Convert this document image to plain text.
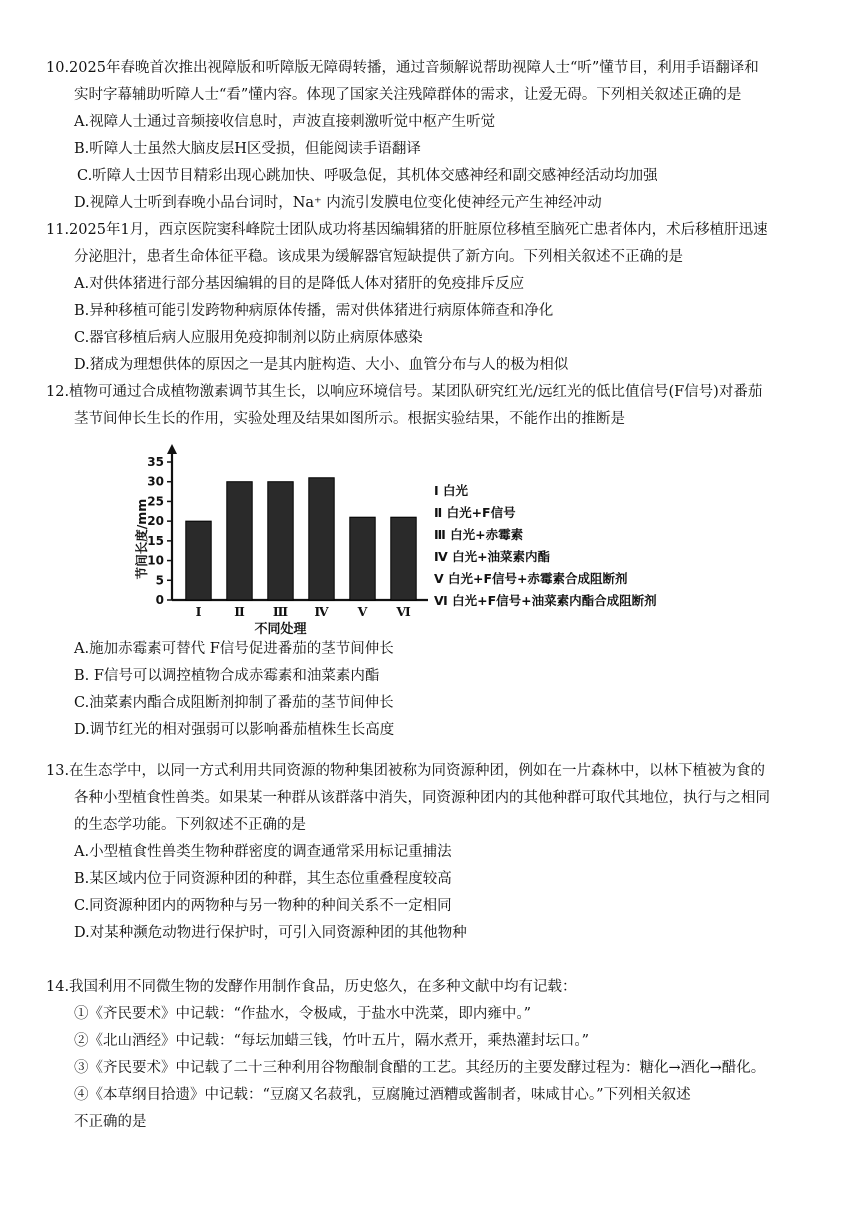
10.2025年春晚首次推出视障版和听障版无障碍转播，通过音频解说帮助视障人士“听”懂节目，利用手语翻译和
实时字幕辅助听障人士“看”懂内容。体现了国家关注残障群体的需求，让爱无碍。下列相关叙述正确的是
A.视障人士通过音频接收信息时，声波直接刺激听觉中枢产生听觉
B.听障人士虽然大脑皮层H区受损，但能阅读手语翻译
C.听障人士因节目精彩出现心跳加快、呼吸急促，其机体交感神经和副交感神经活动均加强
D.视障人士听到春晚小品台词时，Na⁺ 内流引发膜电位变化使神经元产生神经冲动
11.2025年1月，西京医院窦科峰院士团队成功将基因编辑猪的肝脏原位移植至脑死亡患者体内，术后移植肝迅速
分泌胆汁，患者生命体征平稳。该成果为缓解器官短缺提供了新方向。下列相关叙述不正确的是
A.对供体猪进行部分基因编辑的目的是降低人体对猪肝的免疫排斥反应
B.异种移植可能引发跨物种病原体传播，需对供体猪进行病原体筛查和净化
C.器官移植后病人应服用免疫抑制剂以防止病原体感染
D.猪成为理想供体的原因之一是其内脏构造、大小、血管分布与人的极为相似
12.植物可通过合成植物激素调节其生长，以响应环境信号。某团队研究红光/远红光的低比值信号(F信号)对番茄
茎节间伸长生长的作用，实验处理及结果如图所示。根据实验结果，不能作出的推断是
0
5
10
15
20
25
30
35
节间长度/mm
Ⅰ	Ⅱ Ⅲ Ⅳ Ⅴ Ⅵ
不同处理
Ⅰ 白光
Ⅱ 白光+F信号
Ⅲ 白光+赤霉素
Ⅳ 白光+油菜素内酯
Ⅴ 白光+F信号+赤霉素合成阻断剂
Ⅵ 白光+F信号+油菜素内酯合成阻断剂
A.施加赤霉素可替代 F信号促进番茄的茎节间伸长
B. F信号可以调控植物合成赤霉素和油菜素内酯
C.油菜素内酯合成阻断剂抑制了番茄的茎节间伸长
D.调节红光的相对强弱可以影响番茄植株生长高度
13.在生态学中，以同一方式利用共同资源的物种集团被称为同资源种团，例如在一片森林中，以林下植被为食的
各种小型植食性兽类。如果某一种群从该群落中消失，同资源种团内的其他种群可取代其地位，执行与之相同
的生态学功能。下列叙述不正确的是
A.小型植食性兽类生物种群密度的调查通常采用标记重捕法
B.某区域内位于同资源种团的种群，其生态位重叠程度较高
C.同资源种团内的两物种与另一物种的种间关系不一定相同
D.对某种濒危动物进行保护时，可引入同资源种团的其他物种
14.我国利用不同微生物的发酵作用制作食品，历史悠久，在多种文献中均有记载：
①《齐民要术》中记载：“作盐水，令极咸，于盐水中洗菜，即内雍中。”
②《北山酒经》中记载：“每坛加蜡三钱，竹叶五片，隔水煮开，乘热灌封坛口。”
③《齐民要术》中记载了二十三种利用谷物酿制食醋的工艺。其经历的主要发酵过程为：糖化→酒化→醋化。
④《本草纲目拾遗》中记载：“豆腐又名菽乳，豆腐腌过酒糟或酱制者，味咸甘心。”下列相关叙述
不正确的是
